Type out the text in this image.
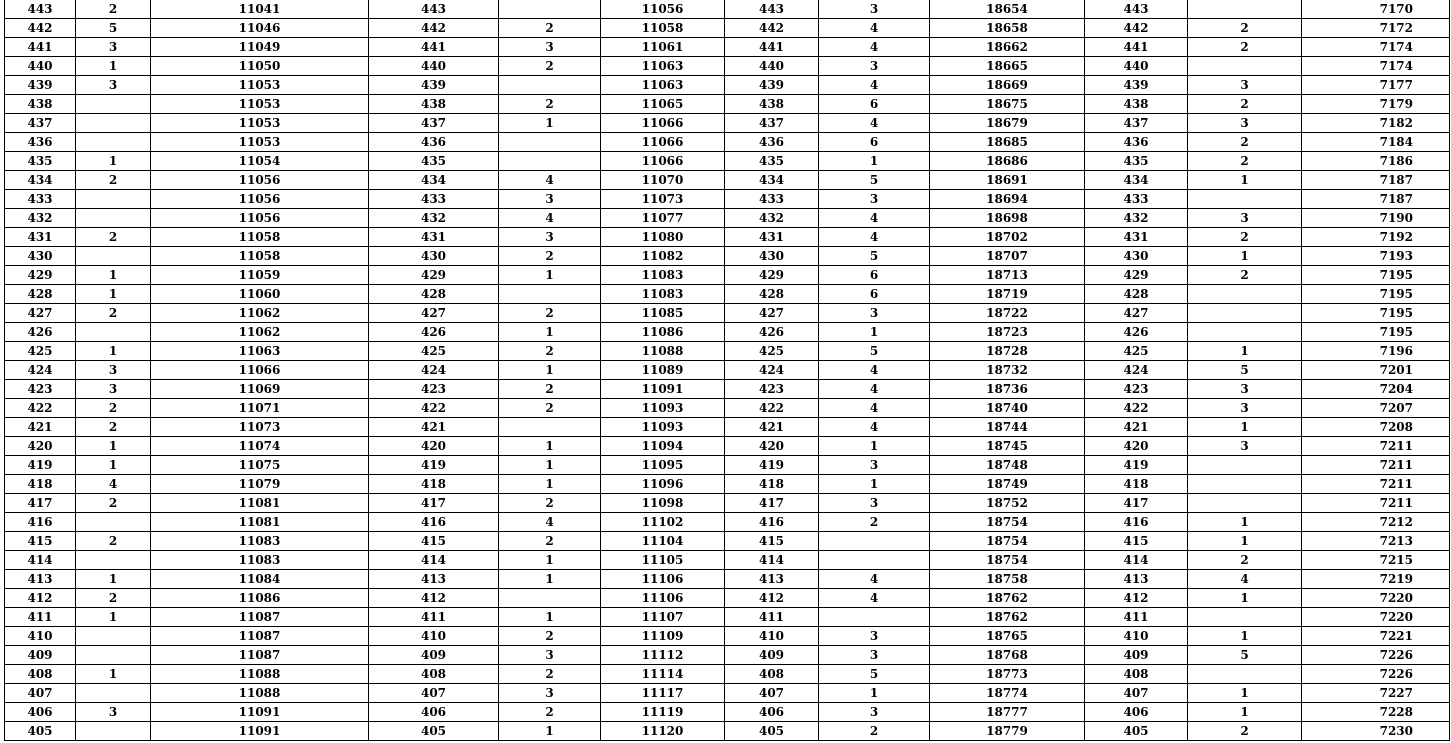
443	2	11041	443		11056	443	3	18654	443		7170
442	5	11046	442	2	11058	442	4	18658	442	2	7172
441	3	11049	441	3	11061	441	4	18662	441	2	7174
440	1	11050	440	2	11063	440	3	18665	440		7174
439	3	11053	439		11063	439	4	18669	439	3	7177
438		11053	438	2	11065	438	6	18675	438	2	7179
437		11053	437	1	11066	437	4	18679	437	3	7182
436		11053	436		11066	436	6	18685	436	2	7184
435	1	11054	435		11066	435	1	18686	435	2	7186
434	2	11056	434	4	11070	434	5	18691	434	1	7187
433		11056	433	3	11073	433	3	18694	433		7187
432		11056	432	4	11077	432	4	18698	432	3	7190
431	2	11058	431	3	11080	431	4	18702	431	2	7192
430		11058	430	2	11082	430	5	18707	430	1	7193
429	1	11059	429	1	11083	429	6	18713	429	2	7195
428	1	11060	428		11083	428	6	18719	428		7195
427	2	11062	427	2	11085	427	3	18722	427		7195
426		11062	426	1	11086	426	1	18723	426		7195
425	1	11063	425	2	11088	425	5	18728	425	1	7196
424	3	11066	424	1	11089	424	4	18732	424	5	7201
423	3	11069	423	2	11091	423	4	18736	423	3	7204
422	2	11071	422	2	11093	422	4	18740	422	3	7207
421	2	11073	421		11093	421	4	18744	421	1	7208
420	1	11074	420	1	11094	420	1	18745	420	3	7211
419	1	11075	419	1	11095	419	3	18748	419		7211
418	4	11079	418	1	11096	418	1	18749	418		7211
417	2	11081	417	2	11098	417	3	18752	417		7211
416		11081	416	4	11102	416	2	18754	416	1	7212
415	2	11083	415	2	11104	415		18754	415	1	7213
414		11083	414	1	11105	414		18754	414	2	7215
413	1	11084	413	1	11106	413	4	18758	413	4	7219
412	2	11086	412		11106	412	4	18762	412	1	7220
411	1	11087	411	1	11107	411		18762	411		7220
410		11087	410	2	11109	410	3	18765	410	1	7221
409		11087	409	3	11112	409	3	18768	409	5	7226
408	1	11088	408	2	11114	408	5	18773	408		7226
407		11088	407	3	11117	407	1	18774	407	1	7227
406	3	11091	406	2	11119	406	3	18777	406	1	7228
405		11091	405	1	11120	405	2	18779	405	2	7230
